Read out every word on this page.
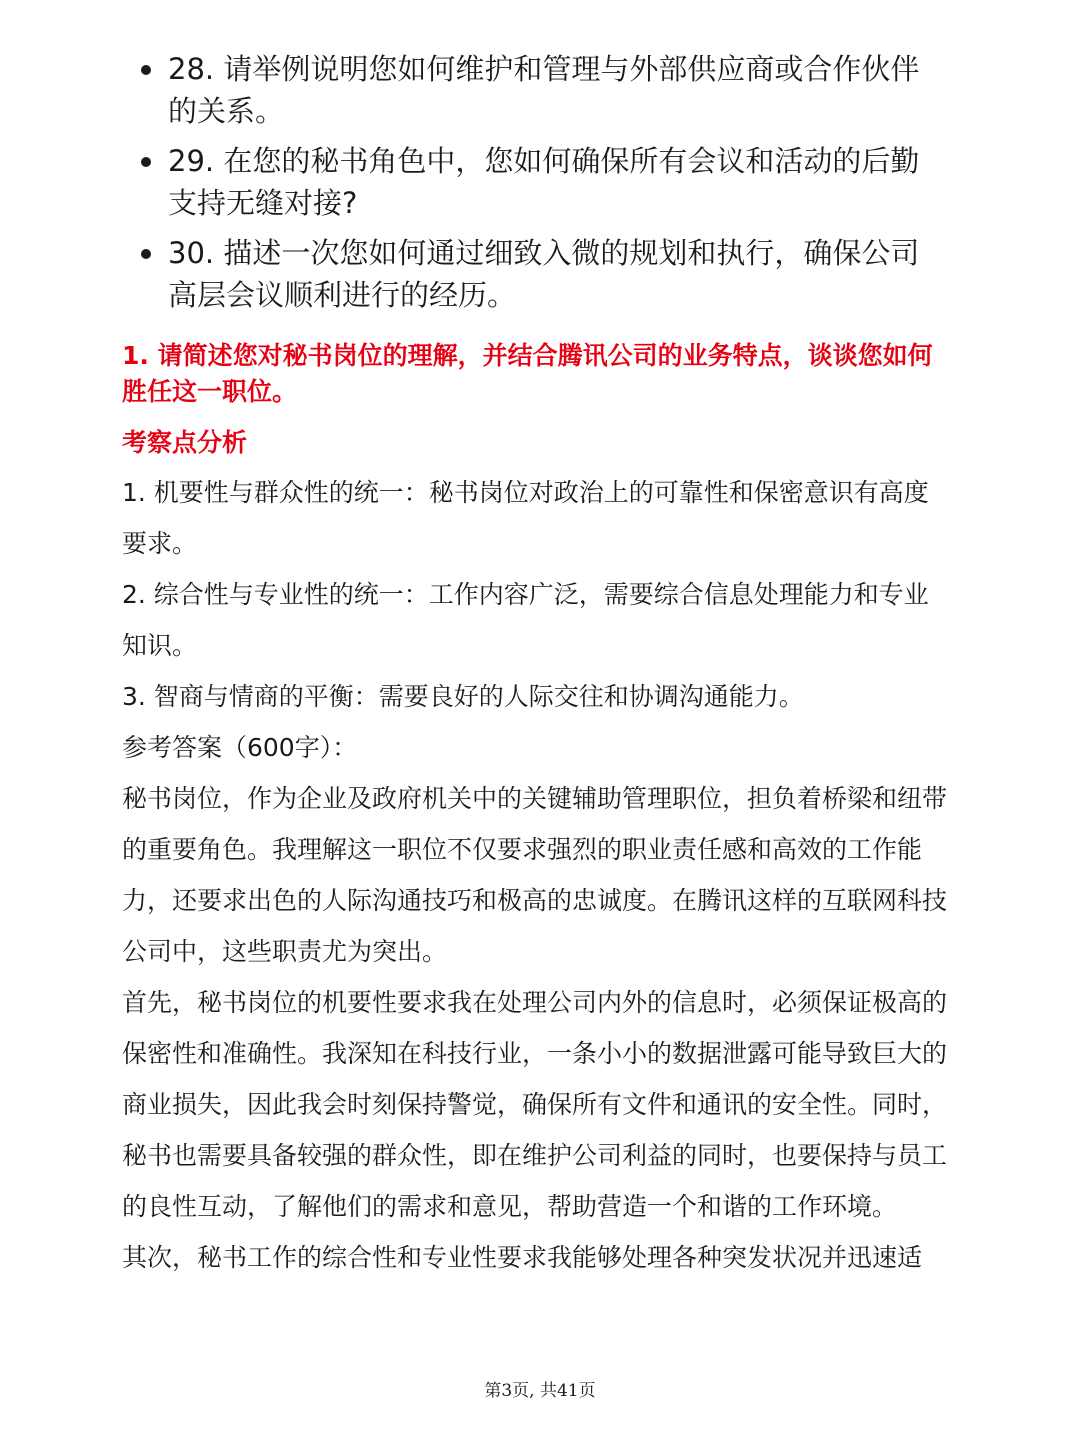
28. 请举例说明您如何维护和管理与外部供应商或合作伙伴的关系。
29. 在您的秘书角色中，您如何确保所有会议和活动的后勤支持无缝对接?
30. 描述一次您如何通过细致入微的规划和执行，确保公司高层会议顺利进行的经历。
1. 请简述您对秘书岗位的理解，并结合腾讯公司的业务特点，谈谈您如何胜任这一职位。
考察点分析

1. 机要性与群众性的统一：秘书岗位对政治上的可靠性和保密意识有高度要求。

2. 综合性与专业性的统一：工作内容广泛，需要综合信息处理能力和专业知识。

3. 智商与情商的平衡：需要良好的人际交往和协调沟通能力。

参考答案（600字）：

秘书岗位，作为企业及政府机关中的关键辅助管理职位，担负着桥梁和纽带的重要角色。我理解这一职位不仅要求强烈的职业责任感和高效的工作能力，还要求出色的人际沟通技巧和极高的忠诚度。在腾讯这样的互联网科技公司中，这些职责尤为突出。

首先，秘书岗位的机要性要求我在处理公司内外的信息时，必须保证极高的保密性和准确性。我深知在科技行业，一条小小的数据泄露可能导致巨大的商业损失，因此我会时刻保持警觉，确保所有文件和通讯的安全性。同时，秘书也需要具备较强的群众性，即在维护公司利益的同时，也要保持与员工的良性互动，了解他们的需求和意见，帮助营造一个和谐的工作环境。

其次，秘书工作的综合性和专业性要求我能够处理各种突发状况并迅速适

第3页, 共41页
